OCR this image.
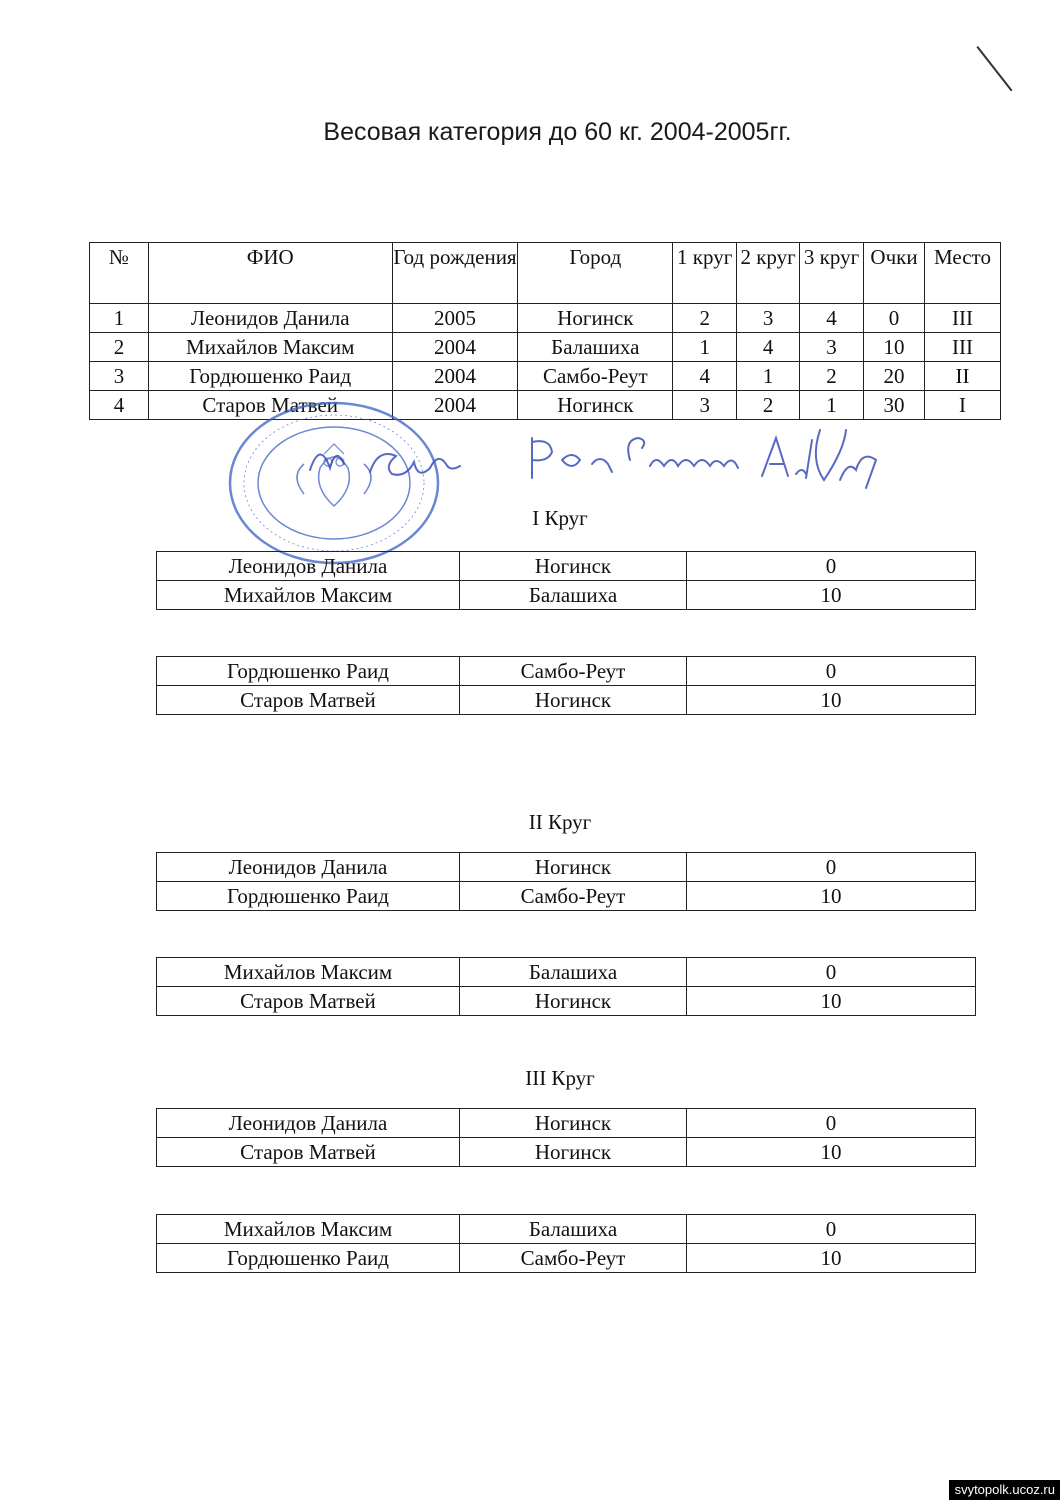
Весовая категория до 60 кг. 2004-2005гг.
№	ФИО	Год рождения	Город	1 круг	2 круг	3 круг	Очки	Место
1	Леонидов Данила	2005	Ногинск	2	3	4	0	III
2	Михайлов Максим	2004	Балашиха	1	4	3	10	III
3	Гордюшенко Раид	2004	Самбо-Реут	4	1	2	20	II
4	Старов Матвей	2004	Ногинск	3	2	1	30	I
I Круг
Леонидов Данила	Ногинск	0
Михайлов Максим	Балашиха	10
Гордюшенко Раид	Самбо-Реут	0
Старов Матвей	Ногинск	10
II Круг
Леонидов Данила	Ногинск	0
Гордюшенко Раид	Самбо-Реут	10
Михайлов Максим	Балашиха	0
Старов Матвей	Ногинск	10
III Круг
Леонидов Данила	Ногинск	0
Старов Матвей	Ногинск	10
Михайлов Максим	Балашиха	0
Гордюшенко Раид	Самбо-Реут	10
svytopolk.ucoz.ru
